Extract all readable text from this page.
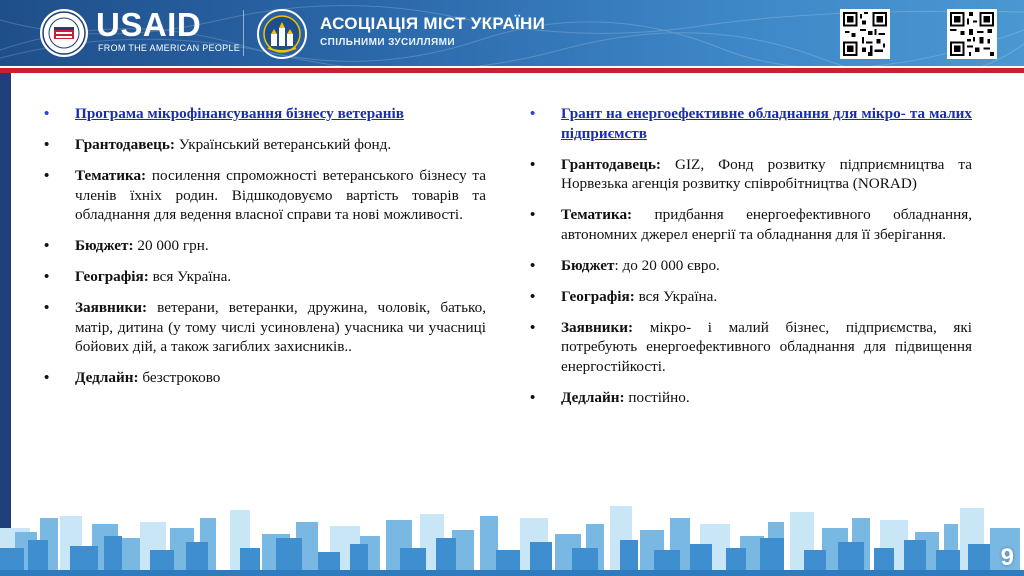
USAID
FROM THE AMERICAN PEOPLE
АСОЦІАЦІЯ МІСТ УКРАЇНИ
СПІЛЬНИМИ ЗУСИЛЛЯМИ
• Програма мікрофінансування бізнесу ветеранів
• Грантодавець: Український ветеранський фонд.
• Тематика: посилення спроможності ветеранського бізнесу та членів їхніх родин. Відшкодовуємо вартість товарів та обладнання для ведення власної справи та нові можливості.
• Бюджет: 20 000 грн.
• Географія: вся Україна.
• Заявники: ветерани, ветеранки, дружина, чоловік, батько, матір, дитина (у тому числі усиновлена) учасника чи учасниці бойових дій, а також загиблих захисників..
• Дедлайн: безстроково
• Грант на енергоефективне обладнання для мікро- та малих підприємств
• Грантодавець: GIZ, Фонд розвитку підприємництва та Норвезька агенція розвитку співробітництва (NORAD)
• Тематика: придбання енергоефективного обладнання, автономних джерел енергії та обладнання для її зберігання.
• Бюджет: до 20 000 євро.
• Географія: вся Україна.
• Заявники: мікро- і малий бізнес, підприємства, які потребують енергоефективного обладнання для підвищення енергостійкості.
• Дедлайн: постійно.
9
